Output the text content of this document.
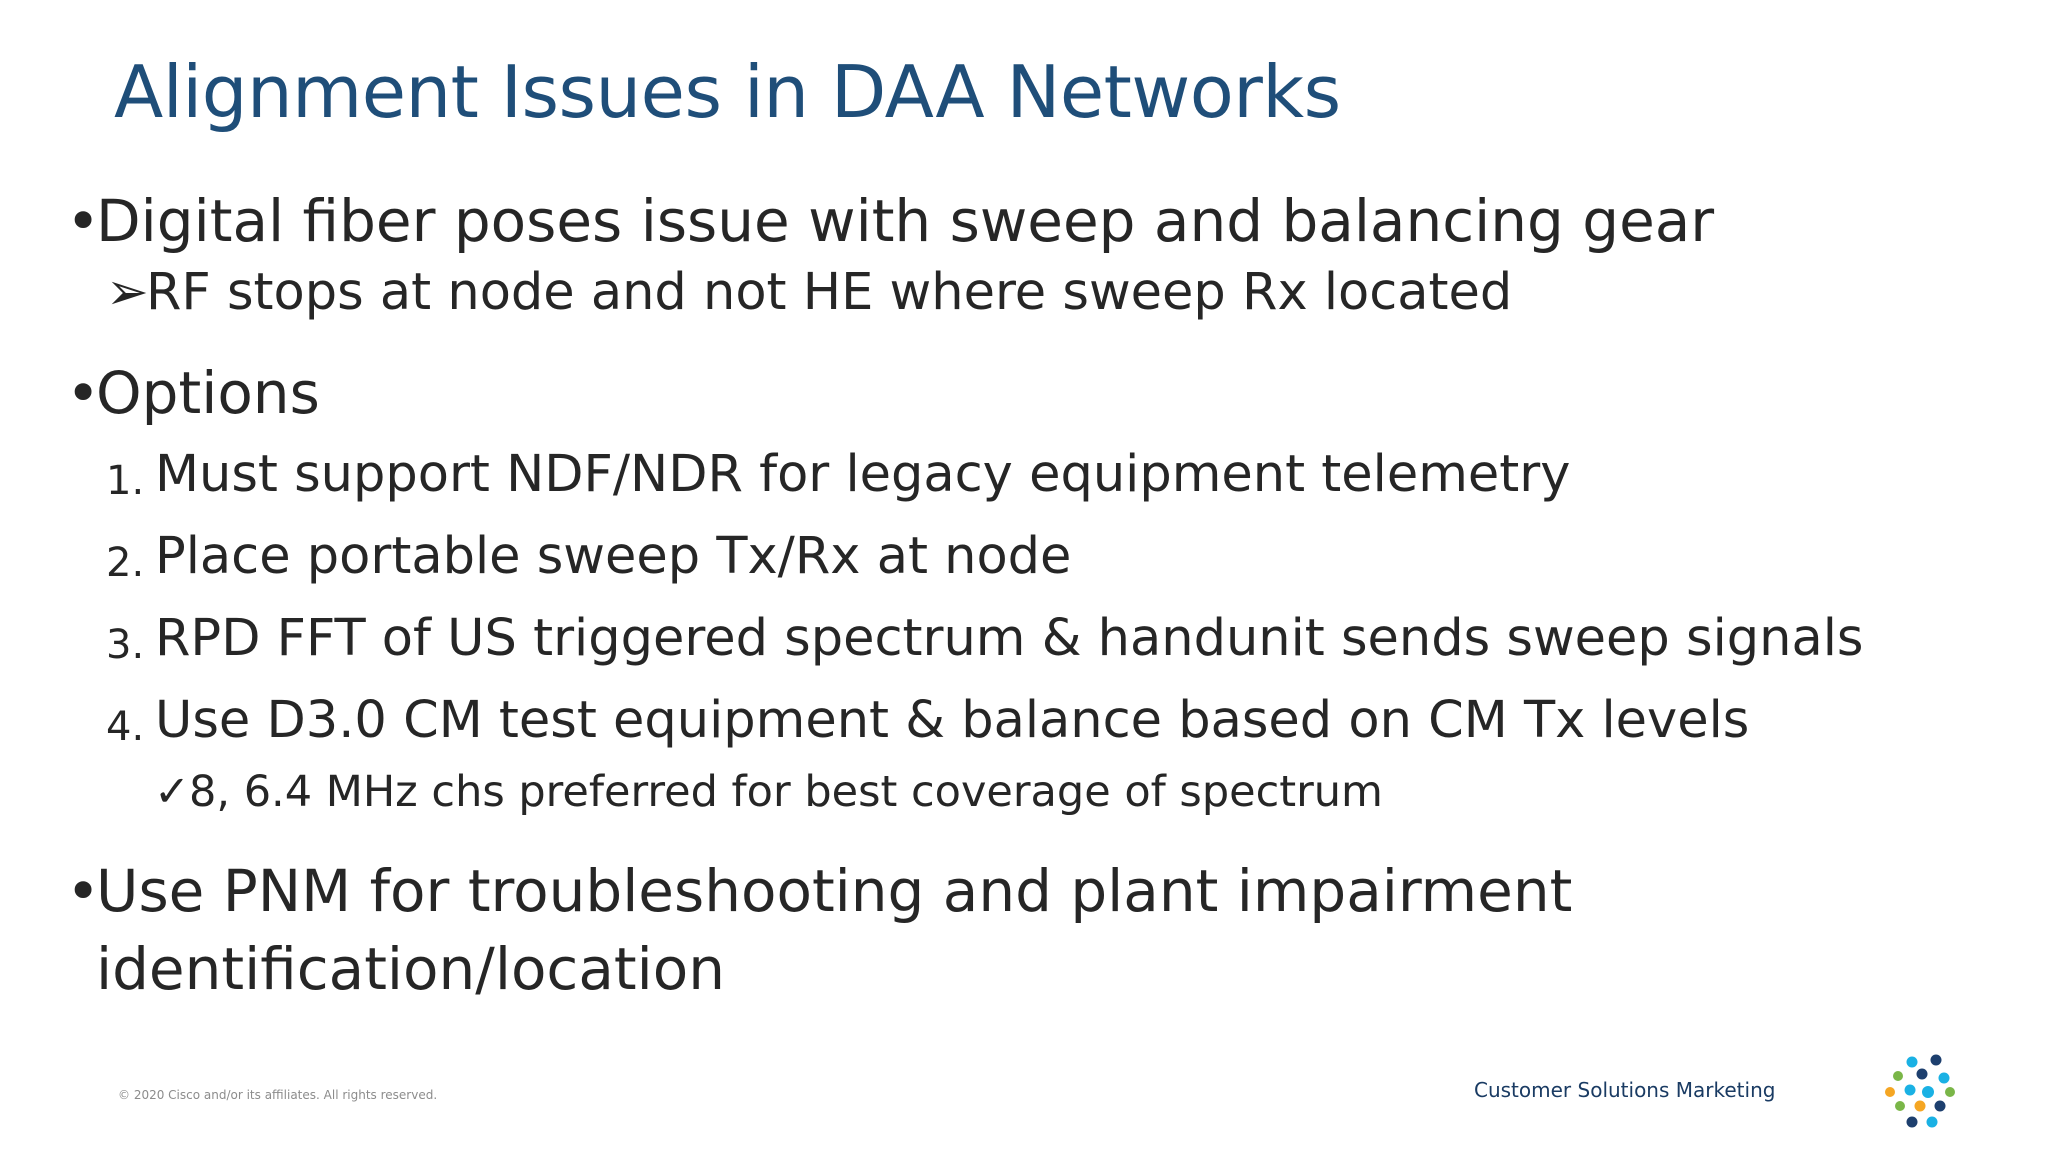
Alignment Issues in DAA Networks
•
Digital fiber poses issue with sweep and balancing gear
➢
RF stops at node and not HE where sweep Rx located
•
Options
1. Must support NDF/NDR for legacy equipment telemetry
2. Place portable sweep Tx/Rx at node
3. RPD FFT of US triggered spectrum & handunit sends sweep signals
4. Use D3.0 CM test equipment & balance based on CM Tx levels
✓
8, 6.4 MHz chs preferred for best coverage of spectrum
•
Use PNM for troubleshooting and plant impairment
identification/location
© 2020 Cisco and/or its affiliates. All rights reserved.	Customer Solutions Marketing
